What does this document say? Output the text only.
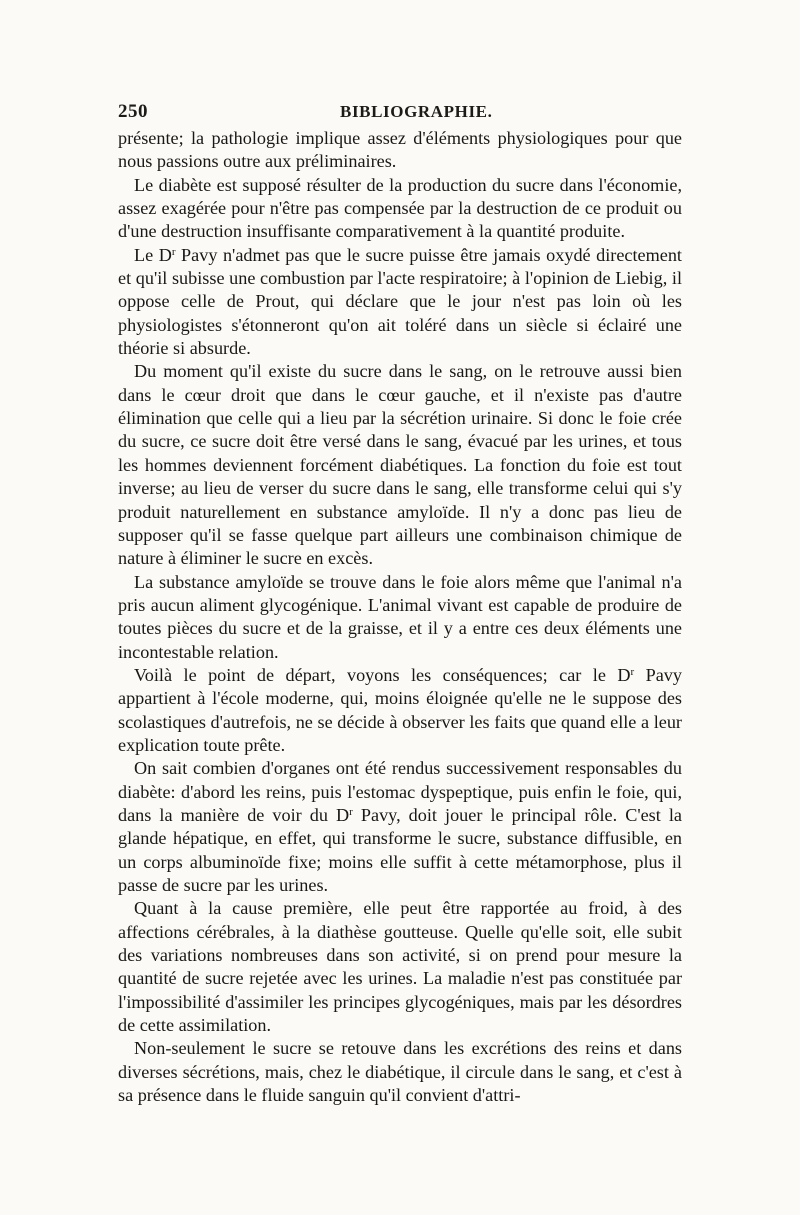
250	BIBLIOGRAPHIE.

présente; la pathologie implique assez d'éléments physiologiques pour que nous passions outre aux préliminaires.

Le diabète est supposé résulter de la production du sucre dans l'économie, assez exagérée pour n'être pas compensée par la destruction de ce produit ou d'une destruction insuffisante comparativement à la quantité produite.

Le $D^r$ Pavy n'admet pas que le sucre puisse être jamais oxydé directement et qu'il subisse une combustion par l'acte respiratoire; à l'opinion de Liebig, il oppose celle de Prout, qui déclare que le jour n'est pas loin où les physiologistes s'étonneront qu'on ait toléré dans un siècle si éclairé une théorie si absurde.

Du moment qu'il existe du sucre dans le sang, on le retrouve aussi bien dans le cœur droit que dans le cœur gauche, et il n'existe pas d'autre élimination que celle qui a lieu par la sécrétion urinaire. Si donc le foie crée du sucre, ce sucre doit être versé dans le sang, évacué par les urines, et tous les hommes deviennent forcément diabétiques. La fonction du foie est tout inverse; au lieu de verser du sucre dans le sang, elle transforme celui qui s'y produit naturellement en substance amyloïde. Il n'y a donc pas lieu de supposer qu'il se fasse quelque part ailleurs une combinaison chimique de nature à éliminer le sucre en excès.

La substance amyloïde se trouve dans le foie alors même que l'animal n'a pris aucun aliment glycogénique. L'animal vivant est capable de produire de toutes pièces du sucre et de la graisse, et il y a entre ces deux éléments une incontestable relation.

Voilà le point de départ, voyons les conséquences; car le $D^r$ Pavy appartient à l'école moderne, qui, moins éloignée qu'elle ne le suppose des scolastiques d'autrefois, ne se décide à observer les faits que quand elle a leur explication toute prête.

On sait combien d'organes ont été rendus successivement responsables du diabète: d'abord les reins, puis l'estomac dyspeptique, puis enfin le foie, qui, dans la manière de voir du $D^r$ Pavy, doit jouer le principal rôle. C'est la glande hépatique, en effet, qui transforme le sucre, substance diffusible, en un corps albuminoïde fixe; moins elle suffit à cette métamorphose, plus il passe de sucre par les urines.

Quant à la cause première, elle peut être rapportée au froid, à des affections cérébrales, à la diathèse goutteuse. Quelle qu'elle soit, elle subit des variations nombreuses dans son activité, si on prend pour mesure la quantité de sucre rejetée avec les urines. La maladie n'est pas constituée par l'impossibilité d'assimiler les principes glycogéniques, mais par les désordres de cette assimilation.

Non-seulement le sucre se retouve dans les excrétions des reins et dans diverses sécrétions, mais, chez le diabétique, il circule dans le sang, et c'est à sa présence dans le fluide sanguin qu'il convient d'attri-
